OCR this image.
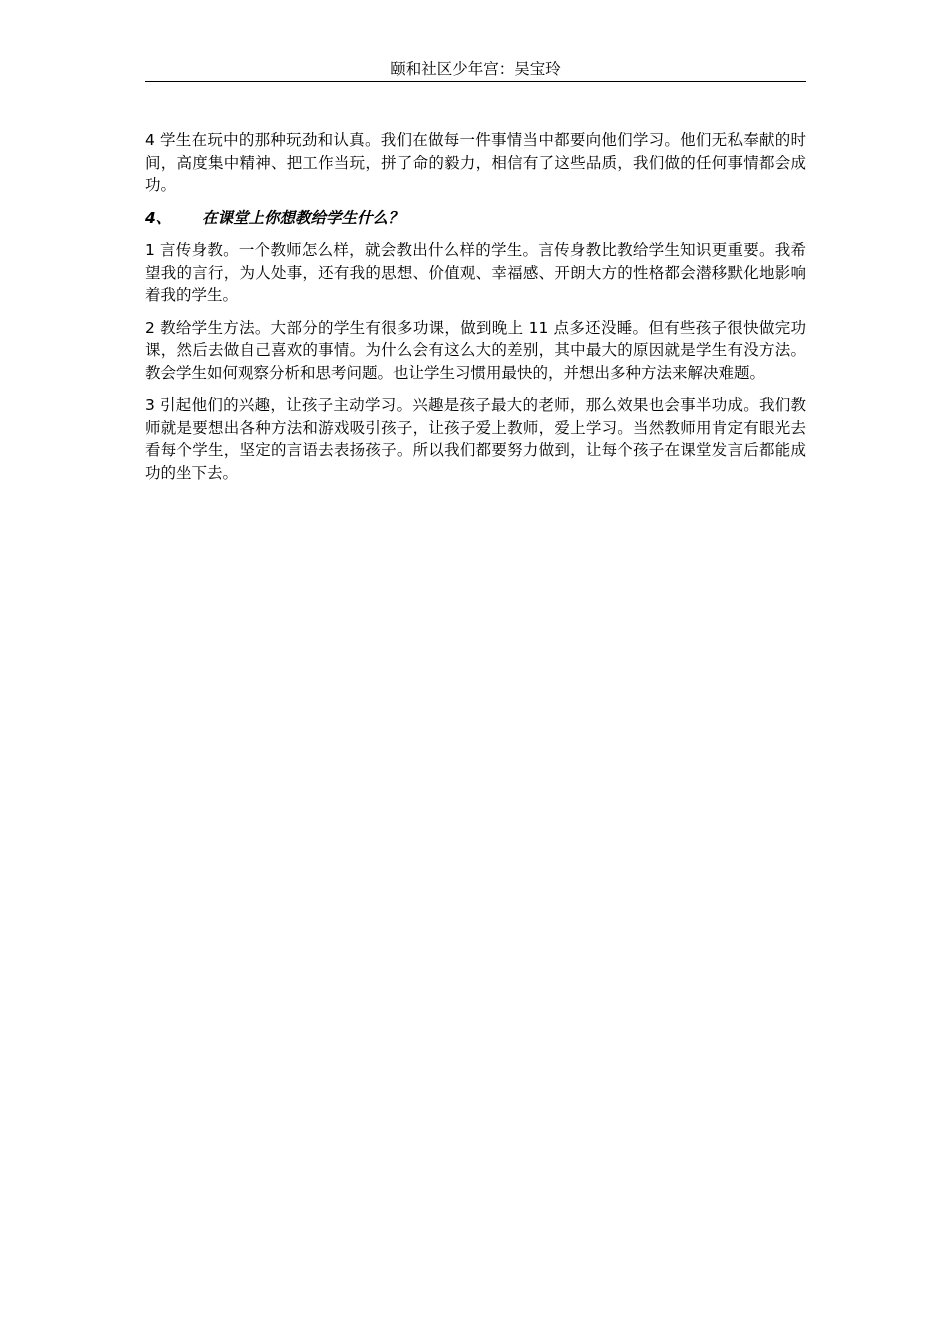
颐和社区少年宫：吴宝玲

4 学生在玩中的那种玩劲和认真。我们在做每一件事情当中都要向他们学习。他们无私奉献的时间，高度集中精神、把工作当玩，拼了命的毅力，相信有了这些品质，我们做的任何事情都会成功。

4、	在课堂上你想教给学生什么？

1 言传身教。一个教师怎么样，就会教出什么样的学生。言传身教比教给学生知识更重要。我希望我的言行，为人处事，还有我的思想、价值观、幸福感、开朗大方的性格都会潜移默化地影响着我的学生。

2 教给学生方法。大部分的学生有很多功课，做到晚上 11 点多还没睡。但有些孩子很快做完功课，然后去做自己喜欢的事情。为什么会有这么大的差别，其中最大的原因就是学生有没方法。教会学生如何观察分析和思考问题。也让学生习惯用最快的，并想出多种方法来解决难题。

3 引起他们的兴趣，让孩子主动学习。兴趣是孩子最大的老师，那么效果也会事半功成。我们教师就是要想出各种方法和游戏吸引孩子，让孩子爱上教师，爱上学习。当然教师用肯定有眼光去看每个学生，坚定的言语去表扬孩子。所以我们都要努力做到，让每个孩子在课堂发言后都能成功的坐下去。
